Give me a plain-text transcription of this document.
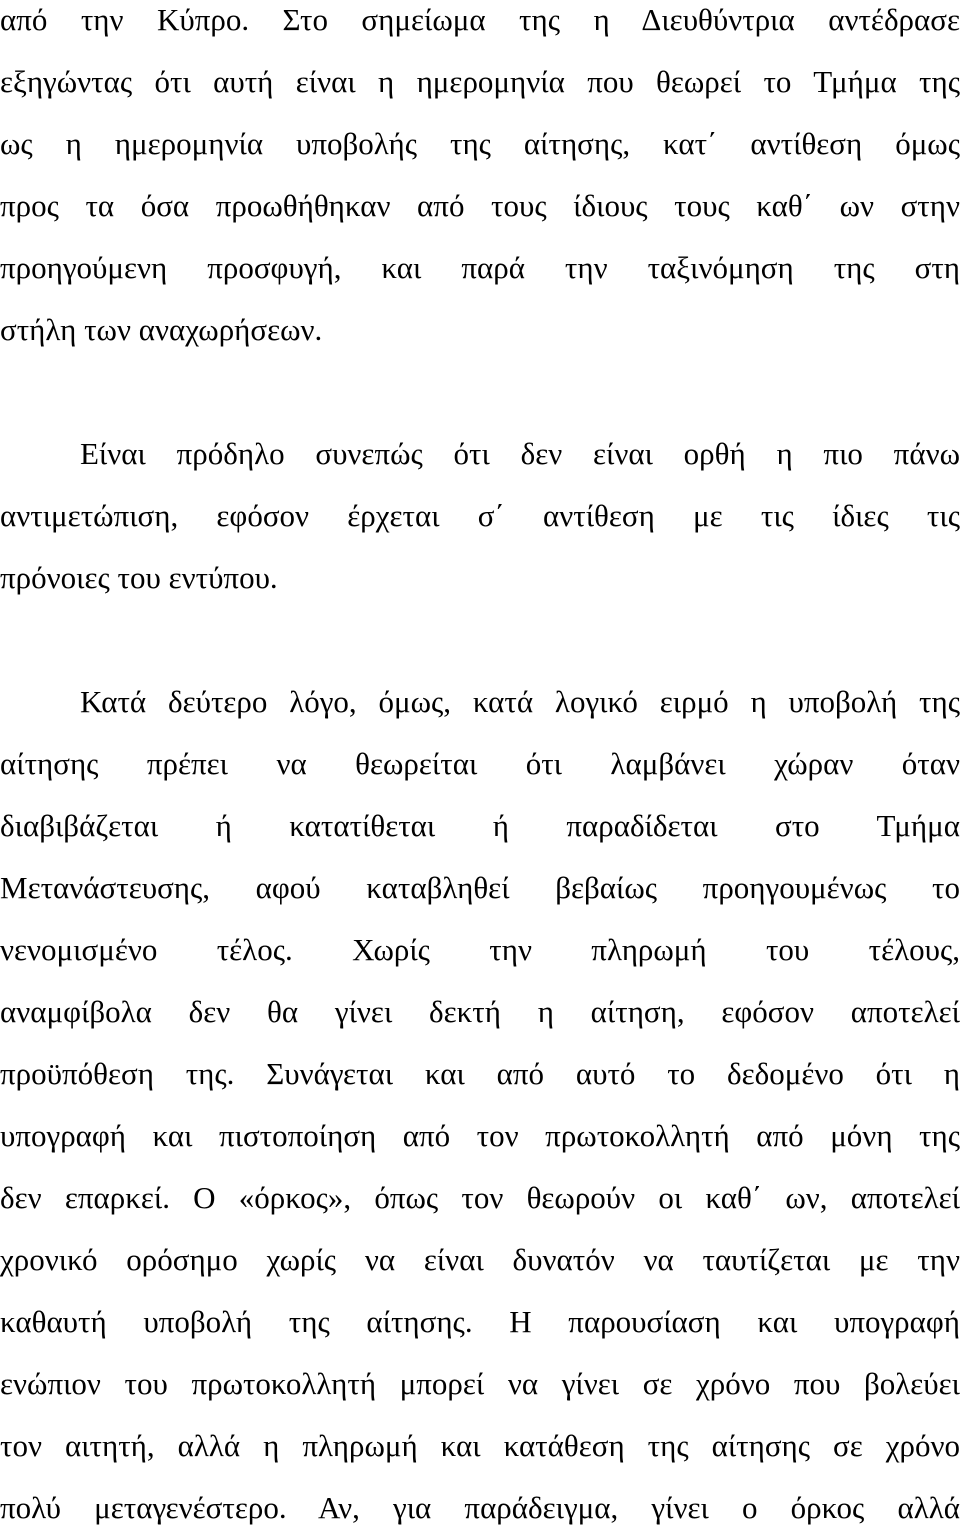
από την Κύπρο. Στο σημείωμα της η Διευθύντρια αντέδρασε
εξηγώντας ότι αυτή είναι η ημερομηνία που θεωρεί το Τμήμα της
ως η ημερομηνία υποβολής της αίτησης, κατ΄ αντίθεση όμως
προς τα όσα προωθήθηκαν από τους ίδιους τους καθ΄ ων στην
προηγούμενη προσφυγή, και παρά την ταξινόμηση της στη
στήλη των αναχωρήσεων.
Είναι πρόδηλο συνεπώς ότι δεν είναι ορθή η πιο πάνω
αντιμετώπιση, εφόσον έρχεται σ΄ αντίθεση με τις ίδιες τις
πρόνοιες του εντύπου.
Κατά δεύτερο λόγο, όμως, κατά λογικό ειρμό η υποβολή της
αίτησης πρέπει να θεωρείται ότι λαμβάνει χώραν όταν
διαβιβάζεται ή κατατίθεται ή παραδίδεται στο Τμήμα
Μετανάστευσης, αφού καταβληθεί βεβαίως προηγουμένως το
νενομισμένο τέλος. Χωρίς την πληρωμή του τέλους,
αναμφίβολα δεν θα γίνει δεκτή η αίτηση, εφόσον αποτελεί
προϋπόθεση της. Συνάγεται και από αυτό το δεδομένο ότι η
υπογραφή και πιστοποίηση από τον πρωτοκολλητή από μόνη της
δεν επαρκεί. Ο «όρκος», όπως τον θεωρούν οι καθ΄ ων, αποτελεί
χρονικό ορόσημο χωρίς να είναι δυνατόν να ταυτίζεται με την
καθαυτή υποβολή της αίτησης. Η παρουσίαση και υπογραφή
ενώπιον του πρωτοκολλητή μπορεί να γίνει σε χρόνο που βολεύει
τον αιτητή, αλλά η πληρωμή και κατάθεση της αίτησης σε χρόνο
πολύ μεταγενέστερο. Αν, για παράδειγμα, γίνει ο όρκος αλλά
